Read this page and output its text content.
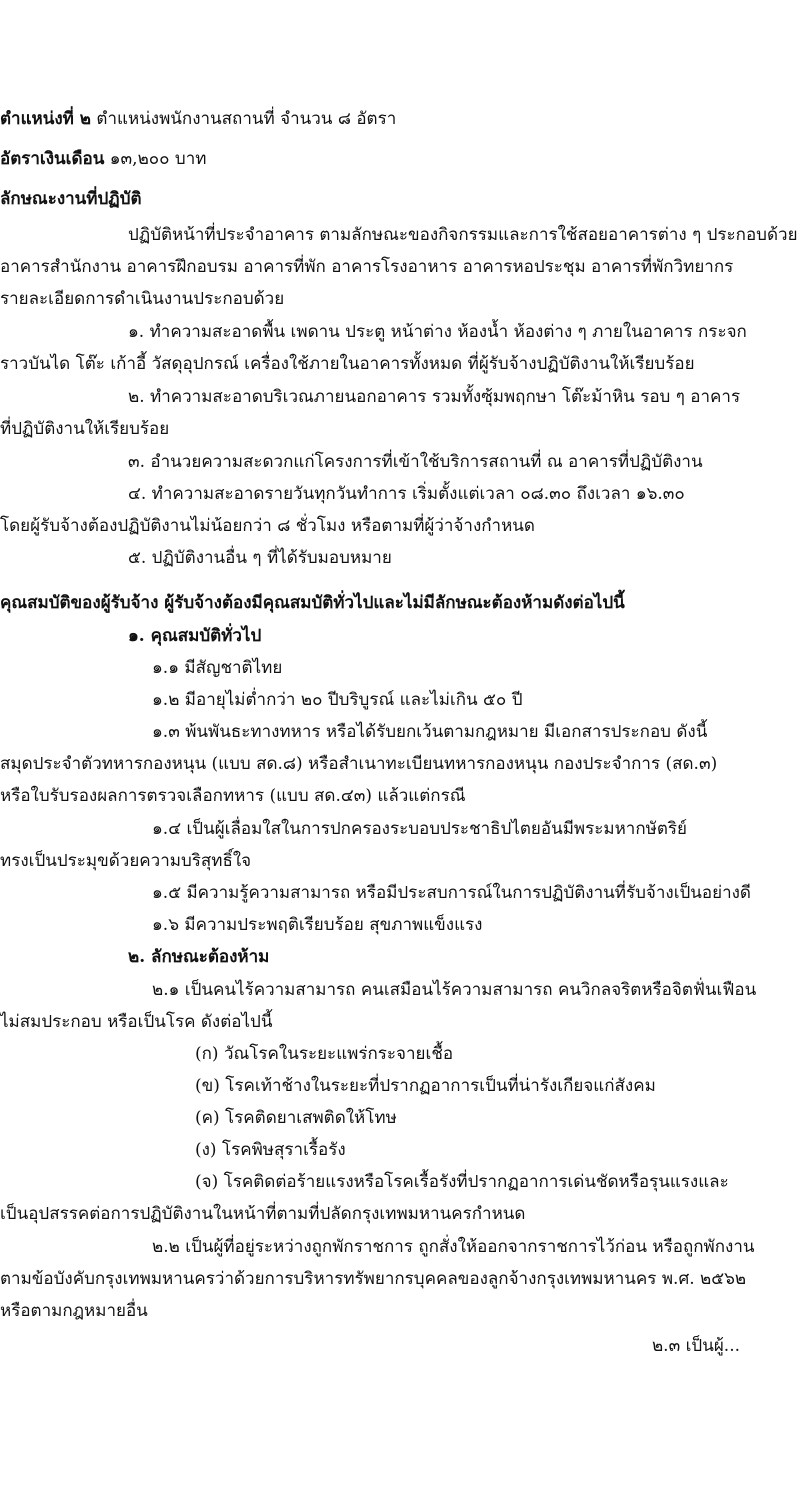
ตำแหน่งที่ ๒ ตำแหน่งพนักงานสถานที่ จำนวน ๘ อัตรา
อัตราเงินเดือน ๑๓,๒๐๐ บาท
ลักษณะงานที่ปฏิบัติ
ปฏิบัติหน้าที่ประจำอาคาร ตามลักษณะของกิจกรรมและการใช้สอยอาคารต่าง ๆ ประกอบด้วย
อาคารสำนักงาน อาคารฝึกอบรม อาคารที่พัก อาคารโรงอาหาร อาคารหอประชุม อาคารที่พักวิทยากร
รายละเอียดการดำเนินงานประกอบด้วย
๑. ทำความสะอาดพื้น เพดาน ประตู หน้าต่าง ห้องน้ำ ห้องต่าง ๆ ภายในอาคาร กระจก
ราวบันได โต๊ะ เก้าอี้ วัสดุอุปกรณ์ เครื่องใช้ภายในอาคารทั้งหมด ที่ผู้รับจ้างปฏิบัติงานให้เรียบร้อย
๒. ทำความสะอาดบริเวณภายนอกอาคาร รวมทั้งซุ้มพฤกษา โต๊ะม้าหิน รอบ ๆ อาคาร
ที่ปฏิบัติงานให้เรียบร้อย
๓. อำนวยความสะดวกแก่โครงการที่เข้าใช้บริการสถานที่ ณ อาคารที่ปฏิบัติงาน
๔. ทำความสะอาดรายวันทุกวันทำการ เริ่มตั้งแต่เวลา ๐๘.๓๐ ถึงเวลา ๑๖.๓๐
โดยผู้รับจ้างต้องปฏิบัติงานไม่น้อยกว่า ๘ ชั่วโมง หรือตามที่ผู้ว่าจ้างกำหนด
๕. ปฏิบัติงานอื่น ๆ ที่ได้รับมอบหมาย
คุณสมบัติของผู้รับจ้าง ผู้รับจ้างต้องมีคุณสมบัติทั่วไปและไม่มีลักษณะต้องห้ามดังต่อไปนี้
๑. คุณสมบัติทั่วไป
๑.๑ มีสัญชาติไทย
๑.๒ มีอายุไม่ต่ำกว่า ๒๐ ปีบริบูรณ์ และไม่เกิน ๕๐ ปี
๑.๓ พ้นพันธะทางทหาร หรือได้รับยกเว้นตามกฎหมาย มีเอกสารประกอบ ดังนี้
สมุดประจำตัวทหารกองหนุน (แบบ สด.๘) หรือสำเนาทะเบียนทหารกองหนุน กองประจำการ (สด.๓)
หรือใบรับรองผลการตรวจเลือกทหาร (แบบ สด.๔๓) แล้วแต่กรณี
๑.๔ เป็นผู้เลื่อมใสในการปกครองระบอบประชาธิปไตยอันมีพระมหากษัตริย์
ทรงเป็นประมุขด้วยความบริสุทธิ์ใจ
๑.๕ มีความรู้ความสามารถ หรือมีประสบการณ์ในการปฏิบัติงานที่รับจ้างเป็นอย่างดี
๑.๖ มีความประพฤติเรียบร้อย สุขภาพแข็งแรง
๒. ลักษณะต้องห้าม
๒.๑ เป็นคนไร้ความสามารถ คนเสมือนไร้ความสามารถ คนวิกลจริตหรือจิตฟั่นเฟือน
ไม่สมประกอบ หรือเป็นโรค ดังต่อไปนี้
(ก) วัณโรคในระยะแพร่กระจายเชื้อ
(ข) โรคเท้าช้างในระยะที่ปรากฏอาการเป็นที่น่ารังเกียจแก่สังคม
(ค) โรคติดยาเสพติดให้โทษ
(ง) โรคพิษสุราเรื้อรัง
(จ) โรคติดต่อร้ายแรงหรือโรคเรื้อรังที่ปรากฏอาการเด่นชัดหรือรุนแรงและ
เป็นอุปสรรคต่อการปฏิบัติงานในหน้าที่ตามที่ปลัดกรุงเทพมหานครกำหนด
๒.๒ เป็นผู้ที่อยู่ระหว่างถูกพักราชการ ถูกสั่งให้ออกจากราชการไว้ก่อน หรือถูกพักงาน
ตามข้อบังคับกรุงเทพมหานครว่าด้วยการบริหารทรัพยากรบุคคลของลูกจ้างกรุงเทพมหานคร พ.ศ. ๒๕๖๒
หรือตามกฎหมายอื่น
๒.๓ เป็นผู้...
